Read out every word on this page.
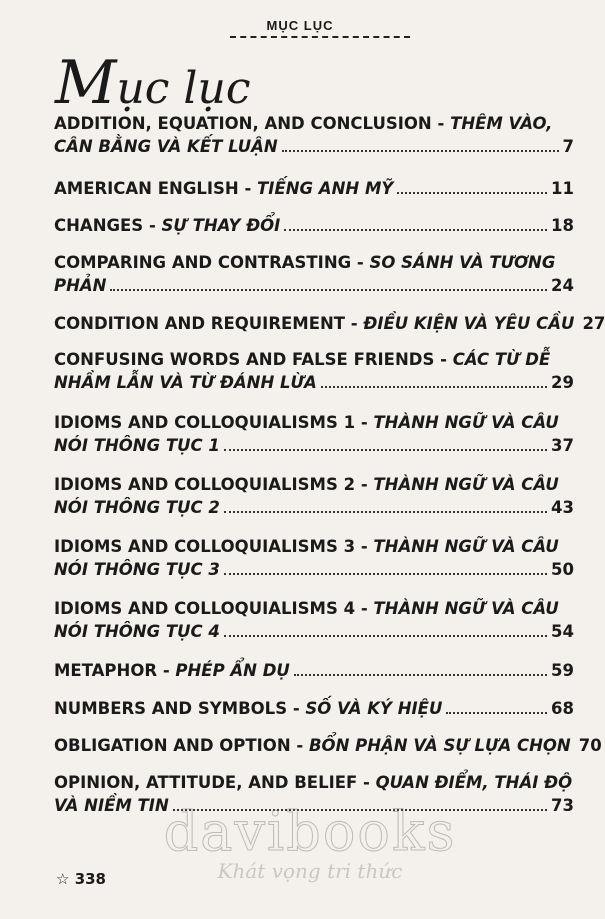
MỤC LỤC
Mục lục
ADDITION, EQUATION, AND CONCLUSION - THÊM VÀO,
CÂN BẰNG VÀ KẾT LUẬN	7
AMERICAN ENGLISH - TIẾNG ANH MỸ	11
CHANGES - SỰ THAY ĐỔI	18
COMPARING AND CONTRASTING - SO SÁNH VÀ TƯƠNG
PHẢN	24
CONDITION AND REQUIREMENT - ĐIỀU KIỆN VÀ YÊU CẦU 27
CONFUSING WORDS AND FALSE FRIENDS - CÁC TỪ DỄ
NHẦM LẪN VÀ TỪ ĐÁNH LỪA	29
IDIOMS AND COLLOQUIALISMS 1 - THÀNH NGỮ VÀ CÂU
NÓI THÔNG TỤC 1	37
IDIOMS AND COLLOQUIALISMS 2 - THÀNH NGỮ VÀ CÂU
NÓI THÔNG TỤC 2	43
IDIOMS AND COLLOQUIALISMS 3 - THÀNH NGỮ VÀ CÂU
NÓI THÔNG TỤC 3	50
IDIOMS AND COLLOQUIALISMS 4 - THÀNH NGỮ VÀ CÂU
NÓI THÔNG TỤC 4	54
METAPHOR - PHÉP ẨN DỤ	59
NUMBERS AND SYMBOLS - SỐ VÀ KÝ HIỆU	68
OBLIGATION AND OPTION - BỔN PHẬN VÀ SỰ LỰA CHỌN 70
OPINION, ATTITUDE, AND BELIEF - QUAN ĐIỂM, THÁI ĐỘ
VÀ NIỀM TIN	73
☆ 338
davibooks
Khát vọng tri thức
